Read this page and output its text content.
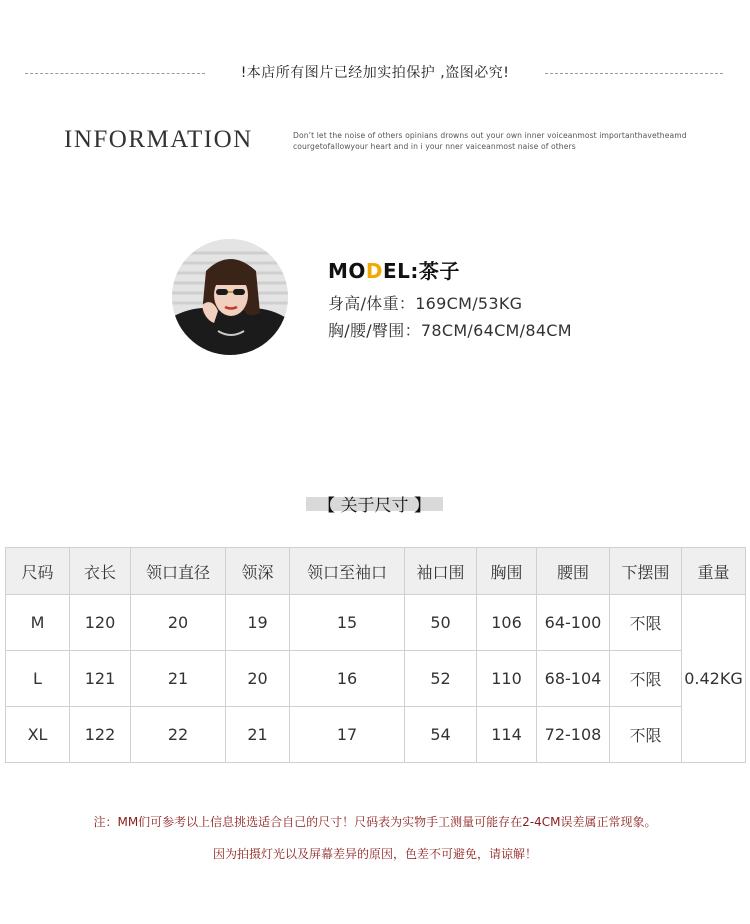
!本店所有图片已经加实拍保护 ,盗图必究!
INFORMATION	Don’t let the noise of others opinians drowns out your own inner voiceanmost importanthavetheamd
courgetofallowyour heart and in i your nner vaiceanmost naise of others
MODEL:茶子
身高/体重：169CM/53KG
胸/腰/臀围：78CM/64CM/84CM
【 关于尺寸 】
尺码	衣长	领口直径	领深	领口至袖口	袖口围	胸围	腰围	下摆围	重量
M	120	20	19	15	50	106	64-100	不限	0.42KG
L	121	21	20	16	52	110	68-104	不限	
XL	122	22	21	17	54	114	72-108	不限	
注：MM们可参考以上信息挑选适合自己的尺寸！尺码表为实物手工测量可能存在2-4CM误差属正常现象。
因为拍摄灯光以及屏幕差异的原因，色差不可避免，请谅解！
